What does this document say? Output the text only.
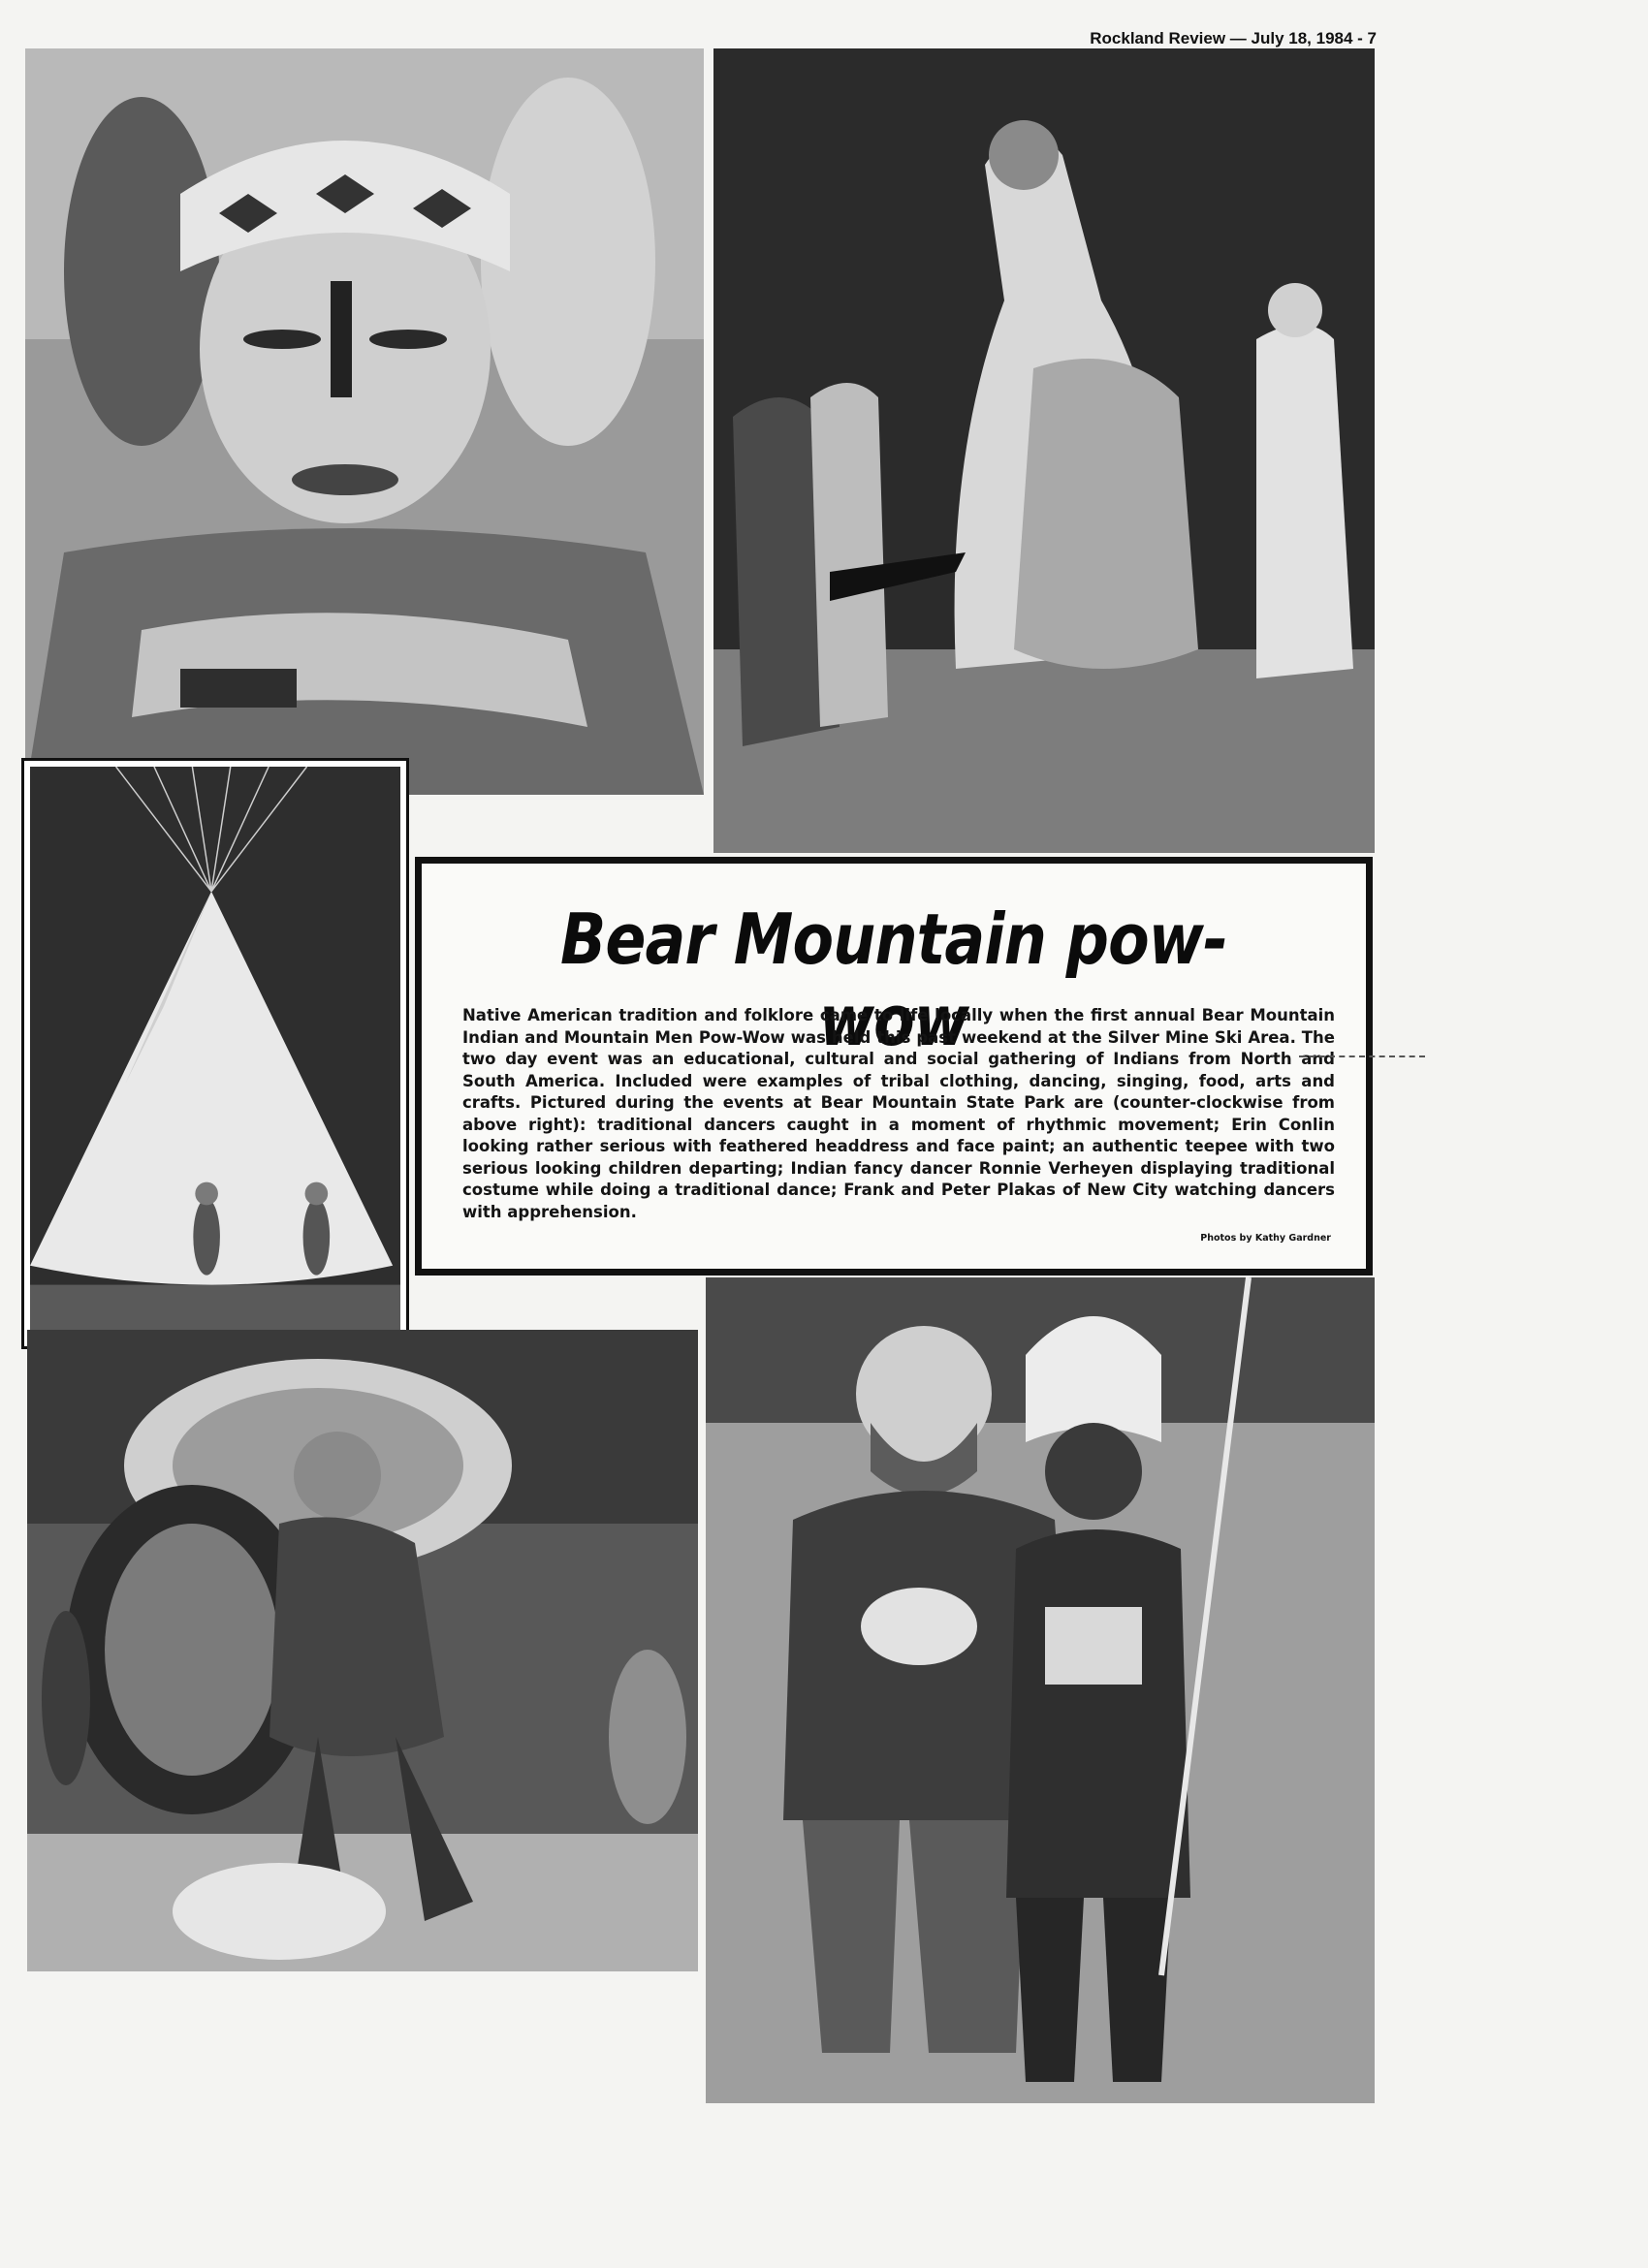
Rockland Review — July 18, 1984 - 7
Bear Mountain pow-wow
Native American tradition and folklore came to life locally when the first annual Bear Mountain Indian and Mountain Men Pow-Wow was held this past weekend at the Silver Mine Ski Area. The two day event was an educational, cultural and social gathering of Indians from North and South America. Included were examples of tribal clothing, dancing, singing, food, arts and crafts. Pictured during the events at Bear Mountain State Park are (counter-clockwise from above right): traditional dancers caught in a moment of rhythmic movement; Erin Conlin looking rather serious with feathered headdress and face paint; an authentic teepee with two serious looking children departing; Indian fancy dancer Ronnie Verheyen displaying traditional costume while doing a traditional dance; Frank and Peter Plakas of New City watching dancers with apprehension.
Photos by Kathy Gardner
